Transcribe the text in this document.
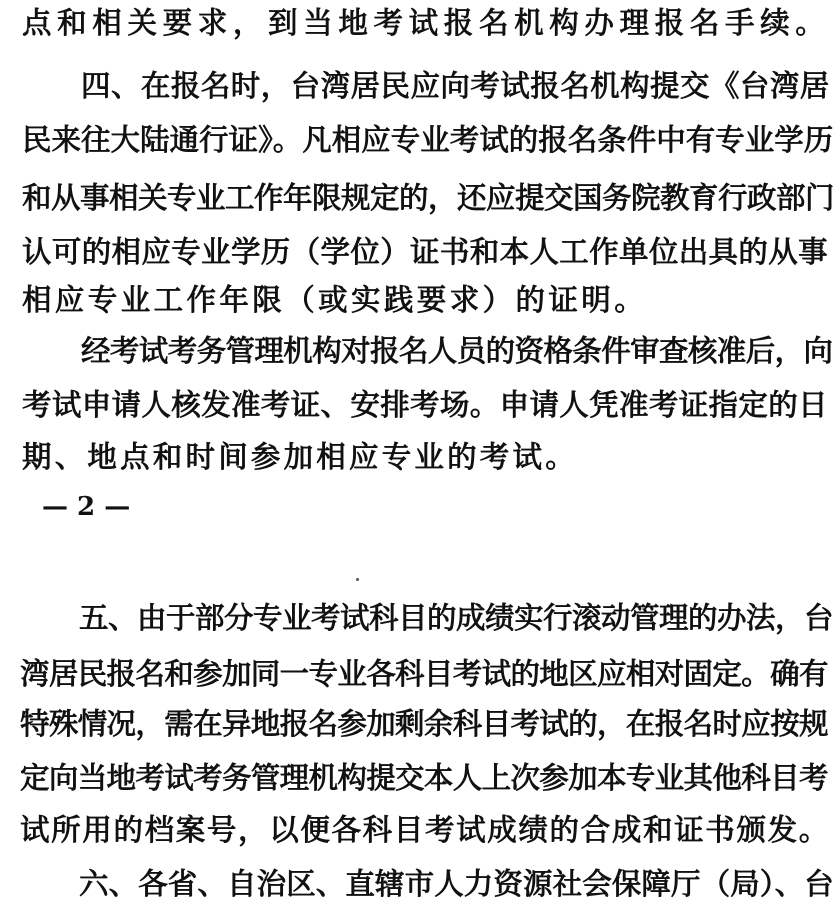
点和相关要求，到当地考试报名机构办理报名手续。

四、在报名时，台湾居民应向考试报名机构提交《台湾居

民来往大陆通行证》。凡相应专业考试的报名条件中有专业学历

和从事相关专业工作年限规定的，还应提交国务院教育行政部门

认可的相应专业学历（学位）证书和本人工作单位出具的从事

相应专业工作年限（或实践要求）的证明。

经考试考务管理机构对报名人员的资格条件审查核准后，向

考试申请人核发准考证、安排考场。申请人凭准考证指定的日

期、地点和时间参加相应专业的考试。

— 2 —

五、由于部分专业考试科目的成绩实行滚动管理的办法，台

湾居民报名和参加同一专业各科目考试的地区应相对固定。确有

特殊情况，需在异地报名参加剩余科目考试的，在报名时应按规

定向当地考试考务管理机构提交本人上次参加本专业其他科目考

试所用的档案号，以便各科目考试成绩的合成和证书颁发。

六、各省、自治区、直辖市人力资源社会保障厅（局）、台
